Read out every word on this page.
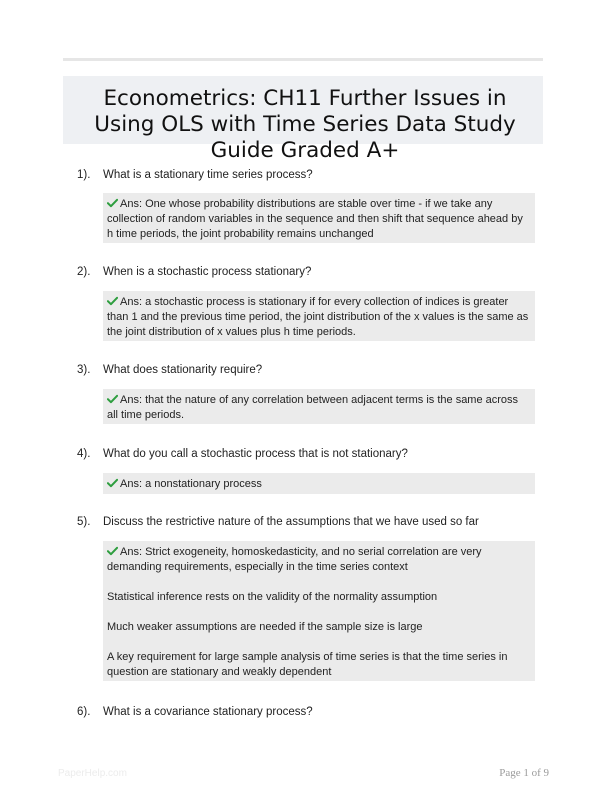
Econometrics: CH11 Further Issues in Using OLS with Time Series Data Study Guide Graded A+
1). What is a stationary time series process?

Ans: One whose probability distributions are stable over time - if we take any collection of random variables in the sequence and then shift that sequence ahead by h time periods, the joint probability remains unchanged

2). When is a stochastic process stationary?

Ans: a stochastic process is stationary if for every collection of indices is greater than 1 and the previous time period, the joint distribution of the x values is the same as the joint distribution of x values plus h time periods.

3). What does stationarity require?

Ans: that the nature of any correlation between adjacent terms is the same across all time periods.

4). What do you call a stochastic process that is not stationary?

Ans: a nonstationary process

5). Discuss the restrictive nature of the assumptions that we have used so far

Ans: Strict exogeneity, homoskedasticity, and no serial correlation are very demanding requirements, especially in the time series context

Statistical inference rests on the validity of the normality assumption

Much weaker assumptions are needed if the sample size is large

A key requirement for large sample analysis of time series is that the time series in question are stationary and weakly dependent

6). What is a covariance stationary process?
PaperHelp.com	Page 1 of 9
